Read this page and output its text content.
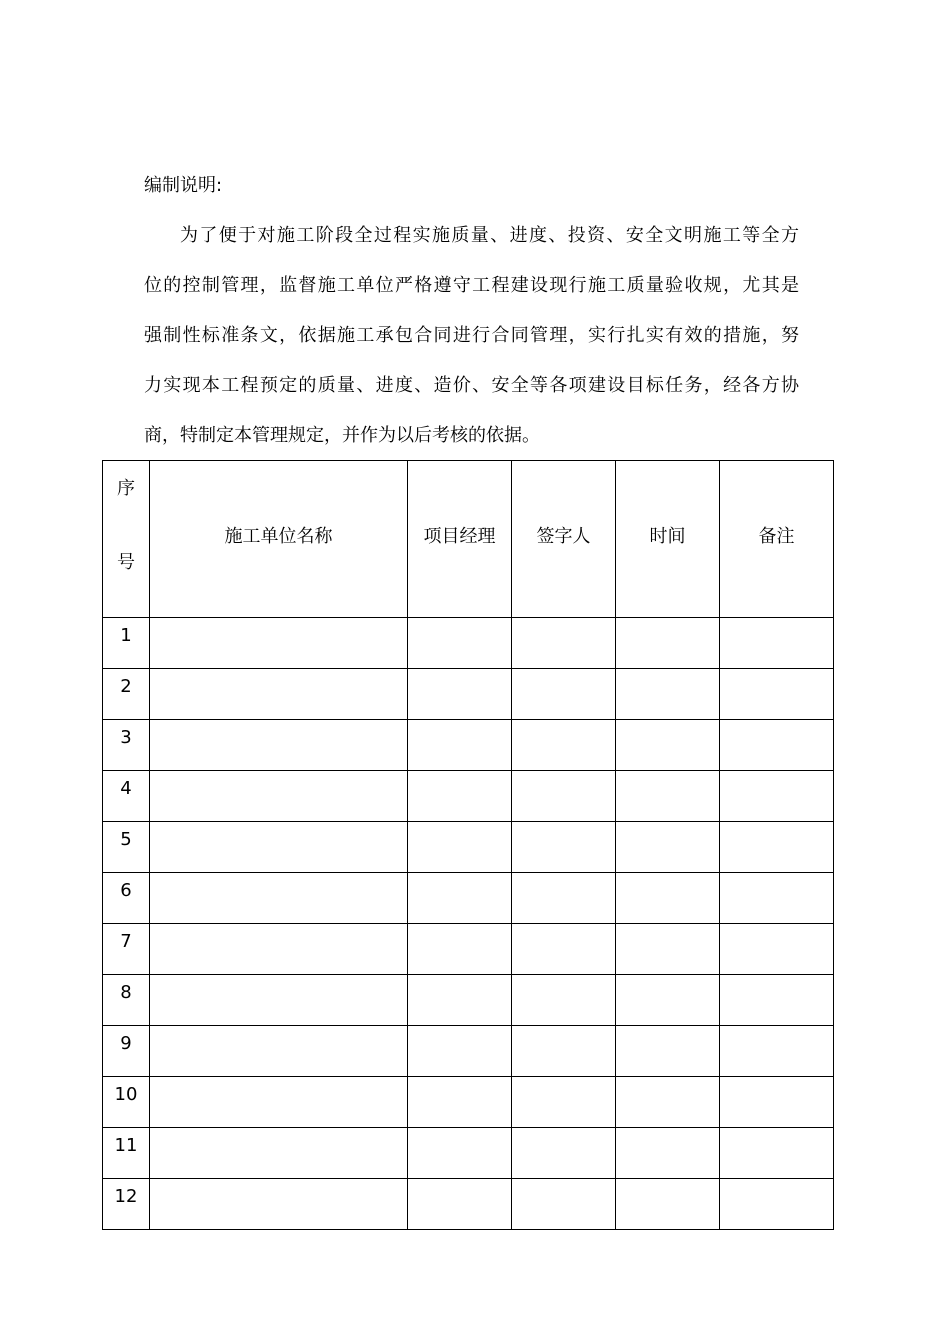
编制说明:
为了便于对施工阶段全过程实施质量、进度、投资、安全文明施工等全方
位的控制管理，监督施工单位严格遵守工程建设现行施工质量验收规，尤其是
强制性标准条文，依据施工承包合同进行合同管理，实行扎实有效的措施，努
力实现本工程预定的质量、进度、造价、安全等各项建设目标任务，经各方协
商，特制定本管理规定，并作为以后考核的依据。
序
号	施工单位名称	项目经理	签字人	时间	备注
1					
2					
3					
4					
5					
6					
7					
8					
9					
10					
11					
12					
